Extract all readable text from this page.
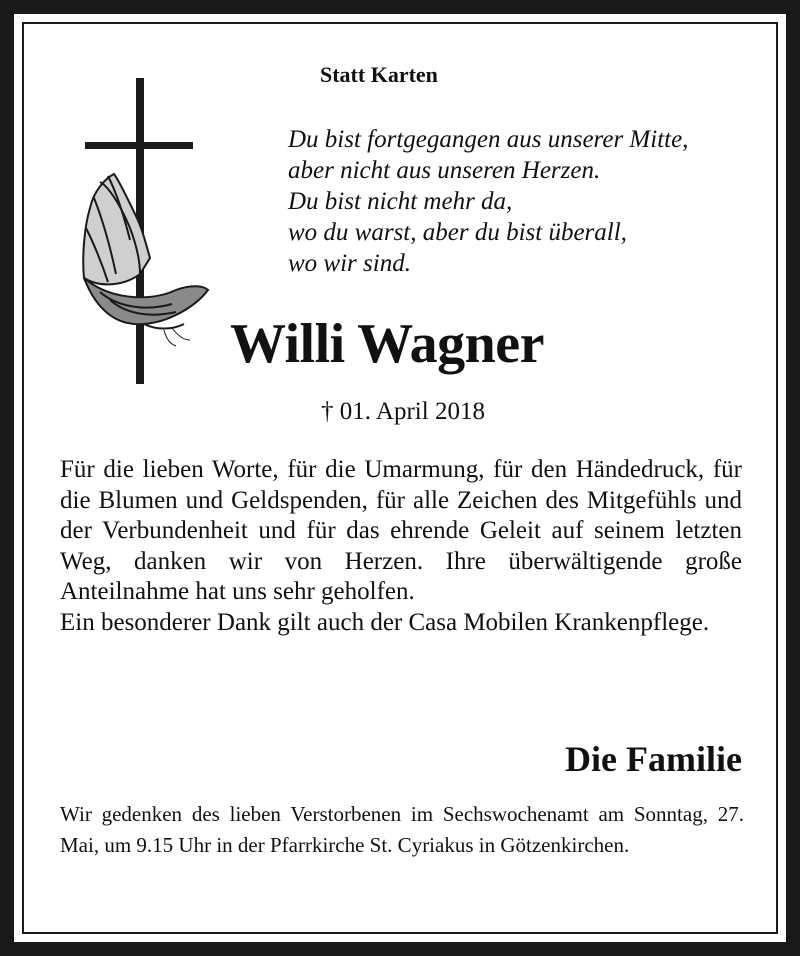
Statt Karten
Du bist fortgegangen aus unserer Mitte,
aber nicht aus unseren Herzen.
Du bist nicht mehr da,
wo du warst, aber du bist überall,
wo wir sind.
Willi Wagner
† 01. April 2018

Für die lieben Worte, für die Umarmung, für den Händedruck, für die Blumen und Geldspenden, für alle Zeichen des Mitgefühls und der Verbundenheit und für das ehrende Geleit auf seinem letzten Weg, danken wir von Herzen. Ihre überwältigende große Anteilnahme hat uns sehr geholfen.

Ein besonderer Dank gilt auch der Casa Mobilen Krankenpflege.

Die Familie
Wir gedenken des lieben Verstorbenen im Sechswochenamt am Sonntag, 27. Mai, um 9.15 Uhr in der Pfarrkirche St. Cyriakus in Götzenkirchen.
